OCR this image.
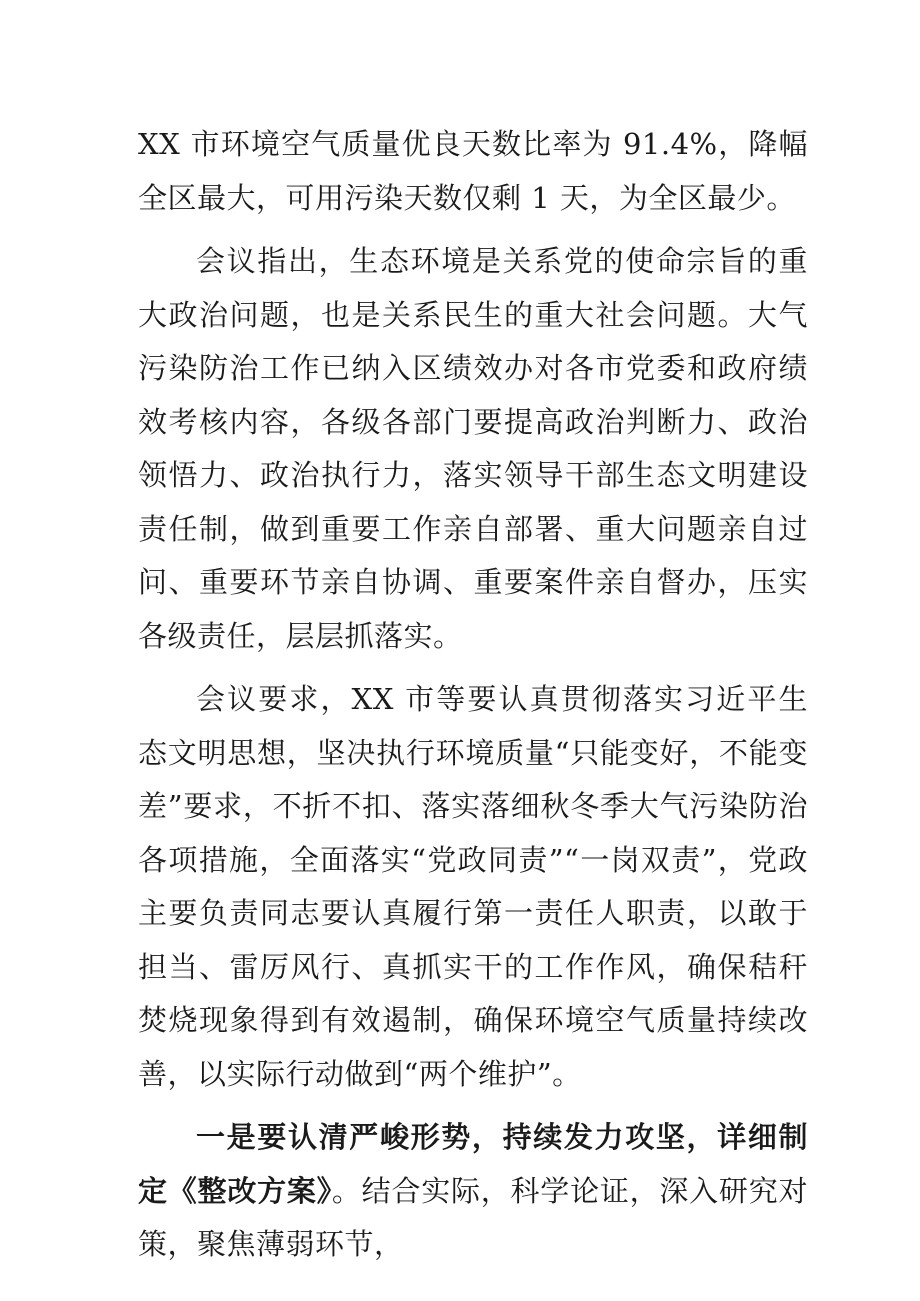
XX 市环境空气质量优良天数比率为 91.4%，降幅全区最大，可用污染天数仅剩 1 天，为全区最少。

会议指出，生态环境是关系党的使命宗旨的重大政治问题，也是关系民生的重大社会问题。大气污染防治工作已纳入区绩效办对各市党委和政府绩效考核内容，各级各部门要提高政治判断力、政治领悟力、政治执行力，落实领导干部生态文明建设责任制，做到重要工作亲自部署、重大问题亲自过问、重要环节亲自协调、重要案件亲自督办，压实各级责任，层层抓落实。

会议要求，XX 市等要认真贯彻落实习近平生态文明思想，坚决执行环境质量“只能变好，不能变差”要求，不折不扣、落实落细秋冬季大气污染防治各项措施，全面落实“党政同责”“一岗双责”，党政主要负责同志要认真履行第一责任人职责，以敢于担当、雷厉风行、真抓实干的工作作风，确保秸秆焚烧现象得到有效遏制，确保环境空气质量持续改善，以实际行动做到“两个维护”。

一是要认清严峻形势，持续发力攻坚，详细制定《整改方案》。结合实际，科学论证，深入研究对策，聚焦薄弱环节，
